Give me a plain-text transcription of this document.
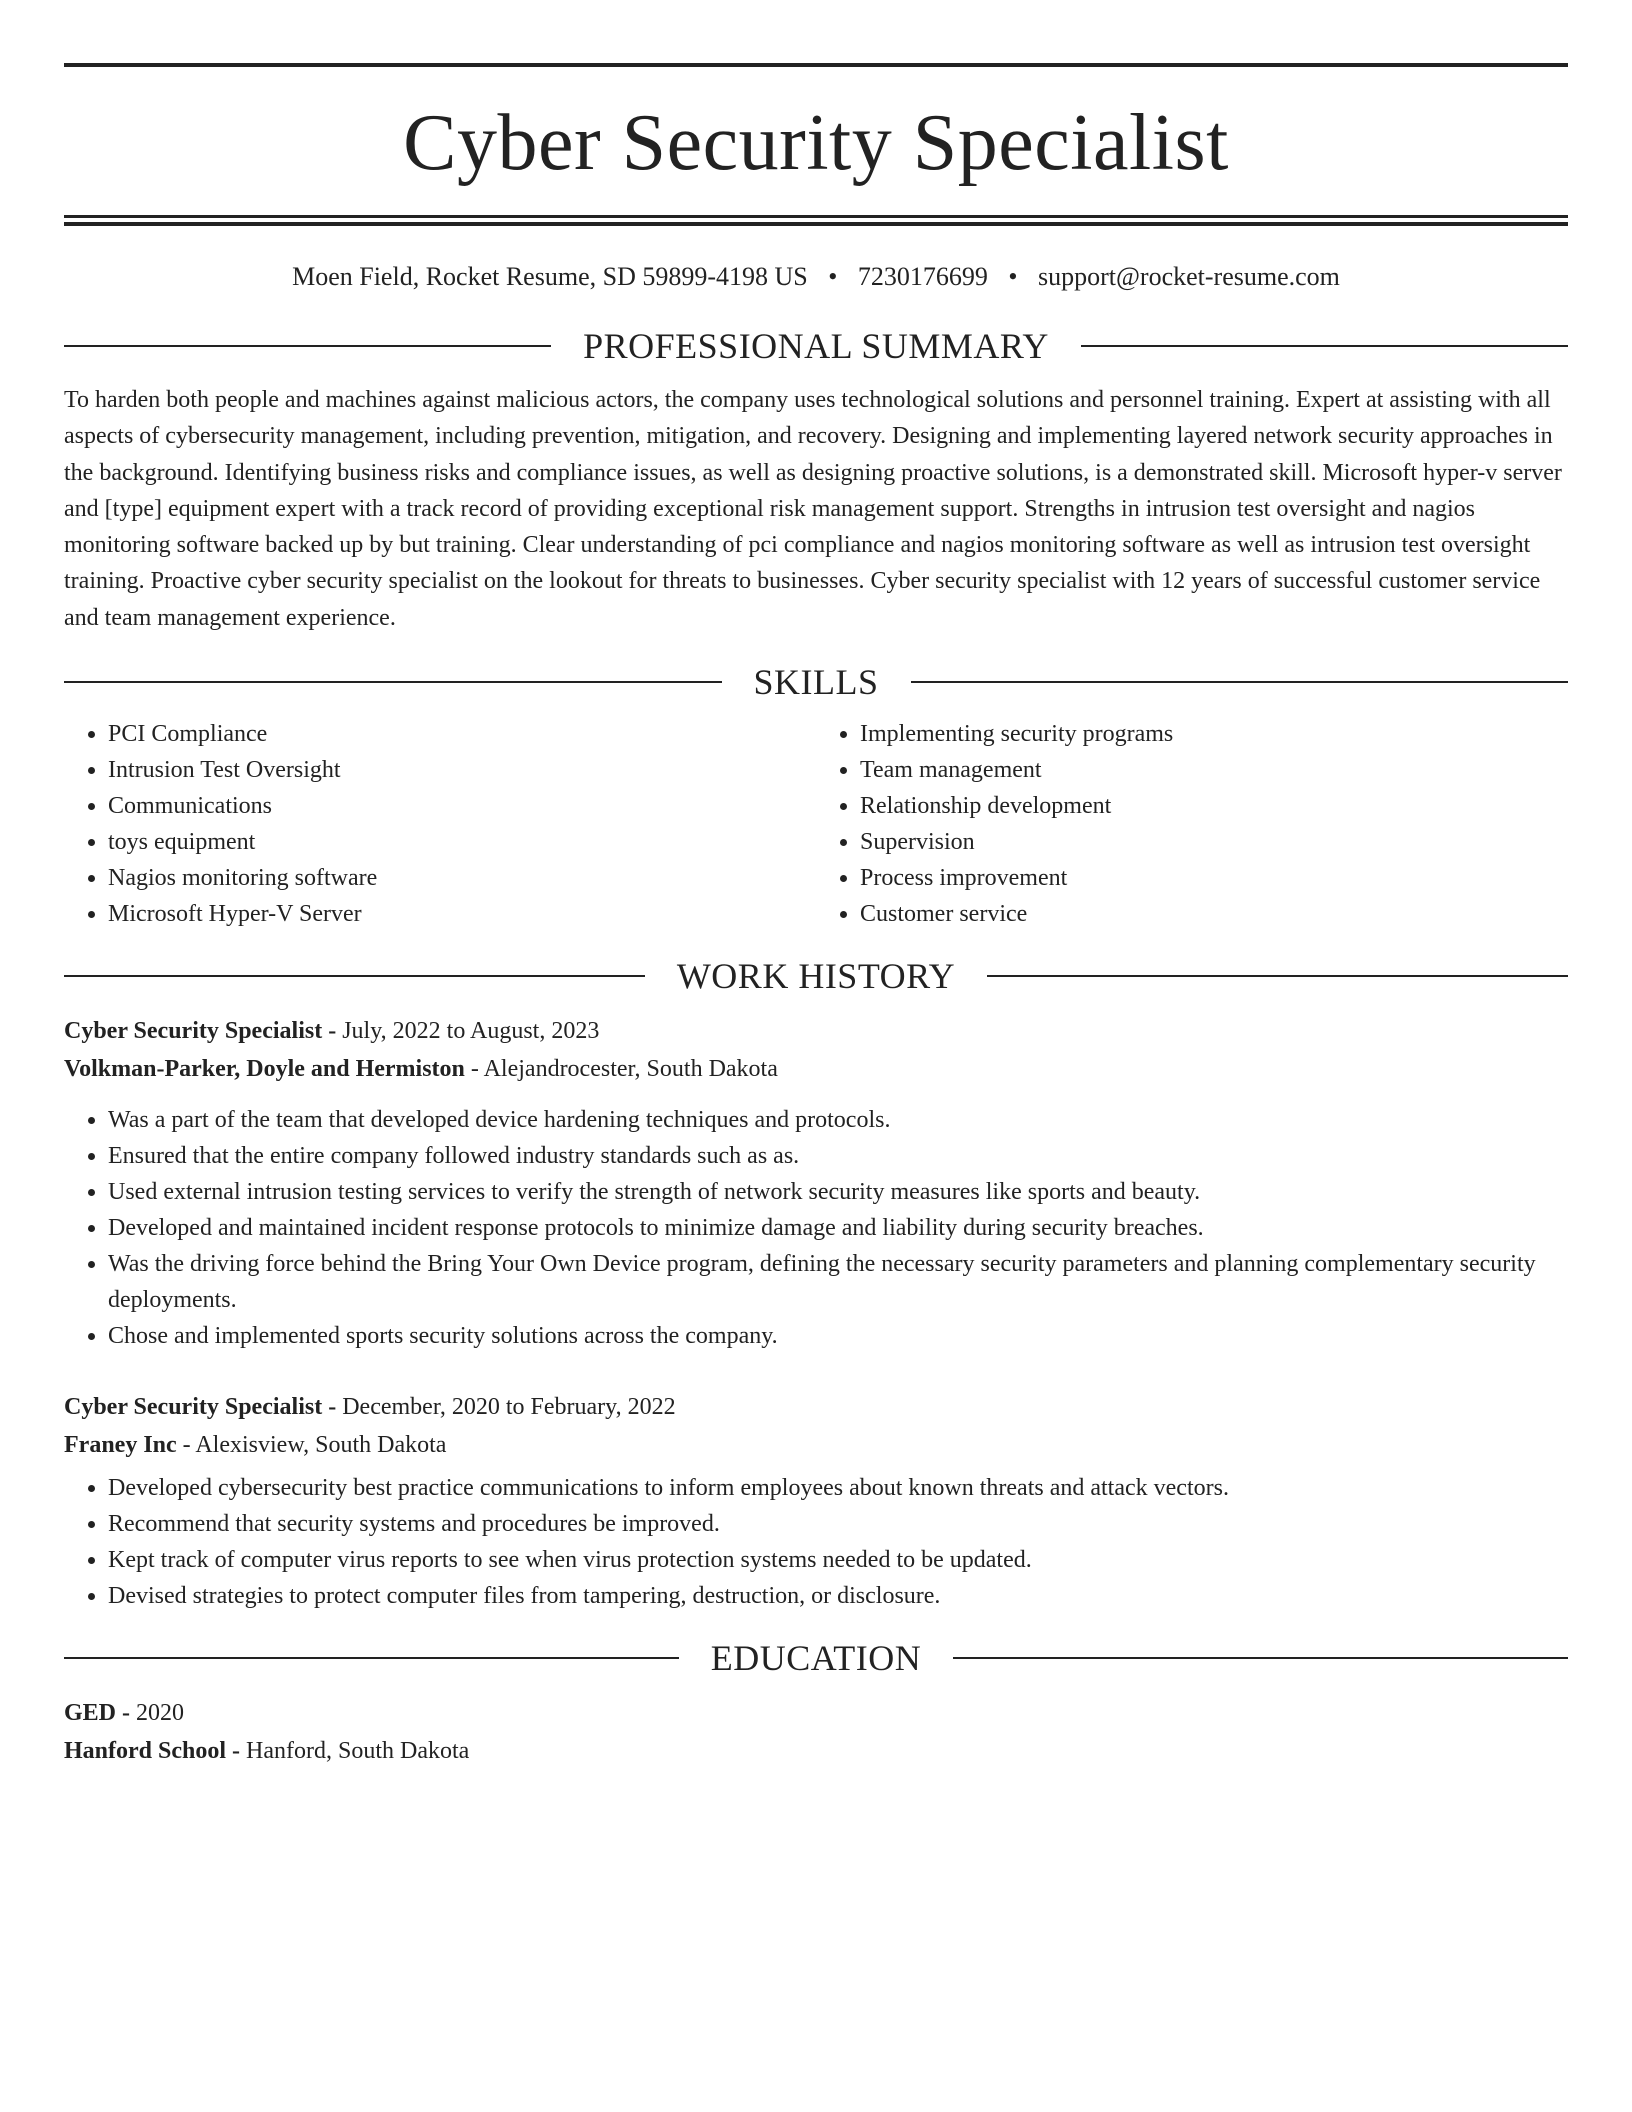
Cyber Security Specialist
Moen Field, Rocket Resume, SD 59899-4198 US • 7230176699 • support@rocket-resume.com
PROFESSIONAL SUMMARY

To harden both people and machines against malicious actors, the company uses technological solutions and personnel training. Expert at assisting with all aspects of cybersecurity management, including prevention, mitigation, and recovery. Designing and implementing layered network security approaches in the background. Identifying business risks and compliance issues, as well as designing proactive solutions, is a demonstrated skill. Microsoft hyper-v server and [type] equipment expert with a track record of providing exceptional risk management support. Strengths in intrusion test oversight and nagios monitoring software backed up by but training. Clear understanding of pci compliance and nagios monitoring software as well as intrusion test oversight training. Proactive cyber security specialist on the lookout for threats to businesses. Cyber security specialist with 12 years of successful customer service and team management experience.

SKILLS
• PCI Compliance
• Intrusion Test Oversight
• Communications
• toys equipment
• Nagios monitoring software
• Microsoft Hyper-V Server
• Implementing security programs
• Team management
• Relationship development
• Supervision
• Process improvement
• Customer service
WORK HISTORY
Cyber Security Specialist - July, 2022 to August, 2023
Volkman-Parker, Doyle and Hermiston - Alejandrocester, South Dakota
• Was a part of the team that developed device hardening techniques and protocols.
• Ensured that the entire company followed industry standards such as as.
• Used external intrusion testing services to verify the strength of network security measures like sports and beauty.
• Developed and maintained incident response protocols to minimize damage and liability during security breaches.
• Was the driving force behind the Bring Your Own Device program, defining the necessary security parameters and planning complementary security deployments.
• Chose and implemented sports security solutions across the company.
Cyber Security Specialist - December, 2020 to February, 2022
Franey Inc - Alexisview, South Dakota
• Developed cybersecurity best practice communications to inform employees about known threats and attack vectors.
• Recommend that security systems and procedures be improved.
• Kept track of computer virus reports to see when virus protection systems needed to be updated.
• Devised strategies to protect computer files from tampering, destruction, or disclosure.
EDUCATION
GED - 2020
Hanford School - Hanford, South Dakota
